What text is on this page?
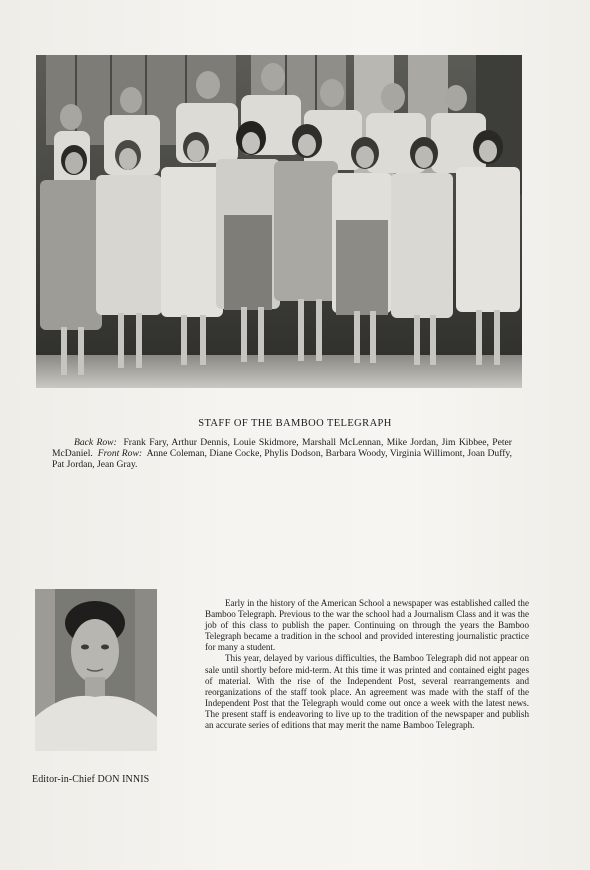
STAFF OF THE BAMBOO TELEGRAPH
Back Row: Frank Fary, Arthur Dennis, Louie Skidmore, Marshall McLennan, Mike Jordan, Jim Kibbee, Peter McDaniel. Front Row: Anne Coleman, Diane Cocke, Phylis Dodson, Barbara Woody, Virginia Willimont, Joan Duffy, Pat Jordan, Jean Gray.

Early in the history of the American School a newspaper was established called the Bamboo Telegraph. Previous to the war the school had a Journalism Class and it was the job of this class to publish the paper. Continuing on through the years the Bamboo Telegraph became a tradition in the school and provided interesting journalistic practice for many a student.

This year, delayed by various difficulties, the Bamboo Telegraph did not appear on sale until shortly before mid-term. At this time it was printed and contained eight pages of material. With the rise of the Independent Post, several rearrangements and reorganizations of the staff took place. An agreement was made with the staff of the Independent Post that the Telegraph would come out once a week with the latest news. The present staff is endeavoring to live up to the tradition of the newspaper and publish an accurate series of editions that may merit the name Bamboo Telegraph.

Editor-in-Chief DON INNIS
